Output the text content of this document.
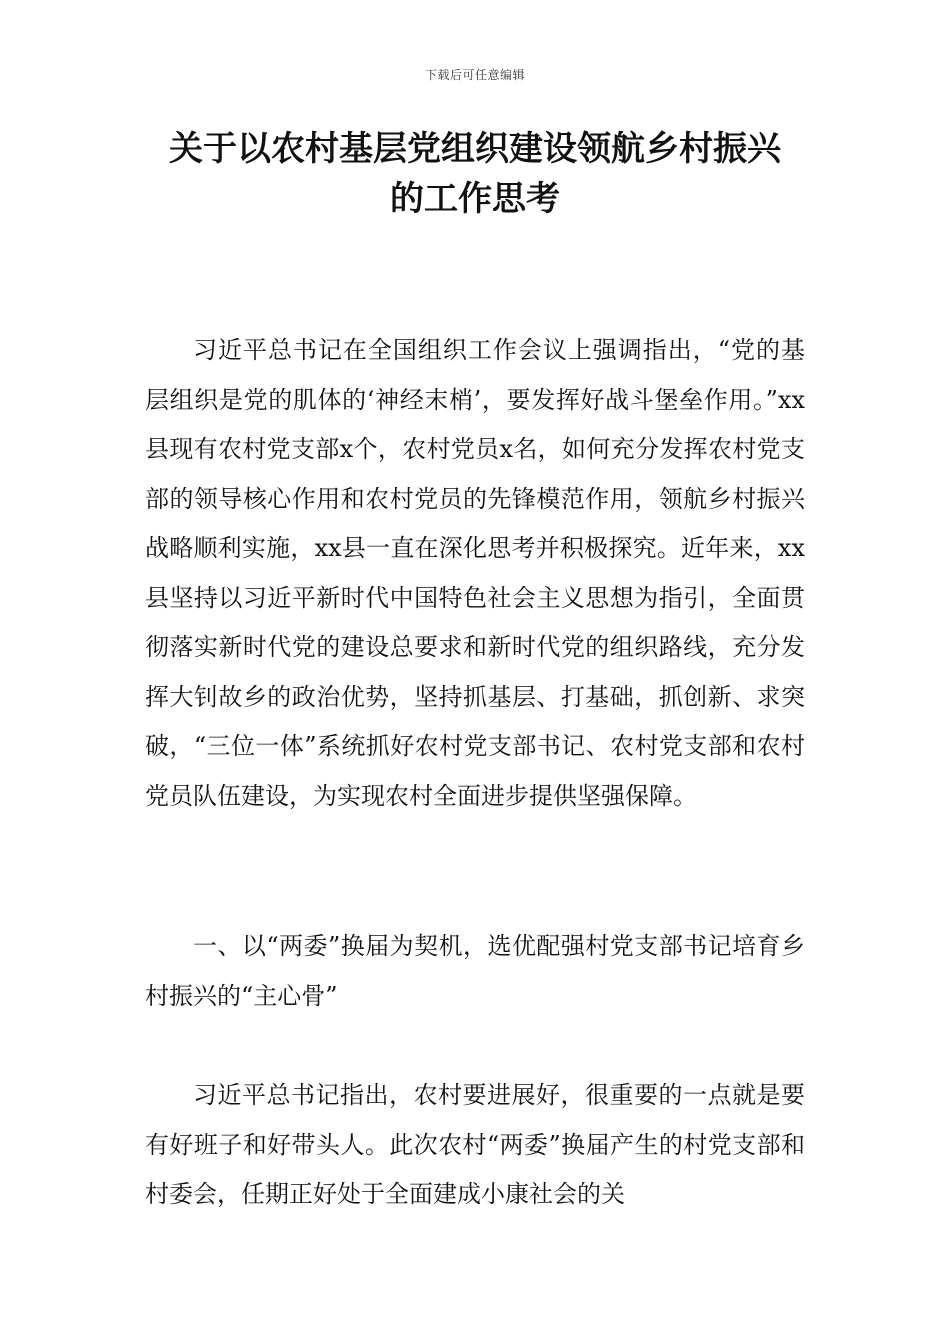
下载后可任意编辑
关于以农村基层党组织建设领航乡村振兴
的工作思考

习近平总书记在全国组织工作会议上强调指出，“党的基层组织是党的肌体的‘神经末梢’，要发挥好战斗堡垒作用。”xx县现有农村党支部x个，农村党员x名，如何充分发挥农村党支部的领导核心作用和农村党员的先锋模范作用，领航乡村振兴战略顺利实施，xx县一直在深化思考并积极探究。近年来，xx县坚持以习近平新时代中国特色社会主义思想为指引，全面贯彻落实新时代党的建设总要求和新时代党的组织路线，充分发挥大钊故乡的政治优势，坚持抓基层、打基础，抓创新、求突破，“三位一体”系统抓好农村党支部书记、农村党支部和农村党员队伍建设，为实现农村全面进步提供坚强保障。

一、以“两委”换届为契机，选优配强村党支部书记培育乡村振兴的“主心骨”

习近平总书记指出，农村要进展好，很重要的一点就是要有好班子和好带头人。此次农村“两委”换届产生的村党支部和村委会，任期正好处于全面建成小康社会的关
